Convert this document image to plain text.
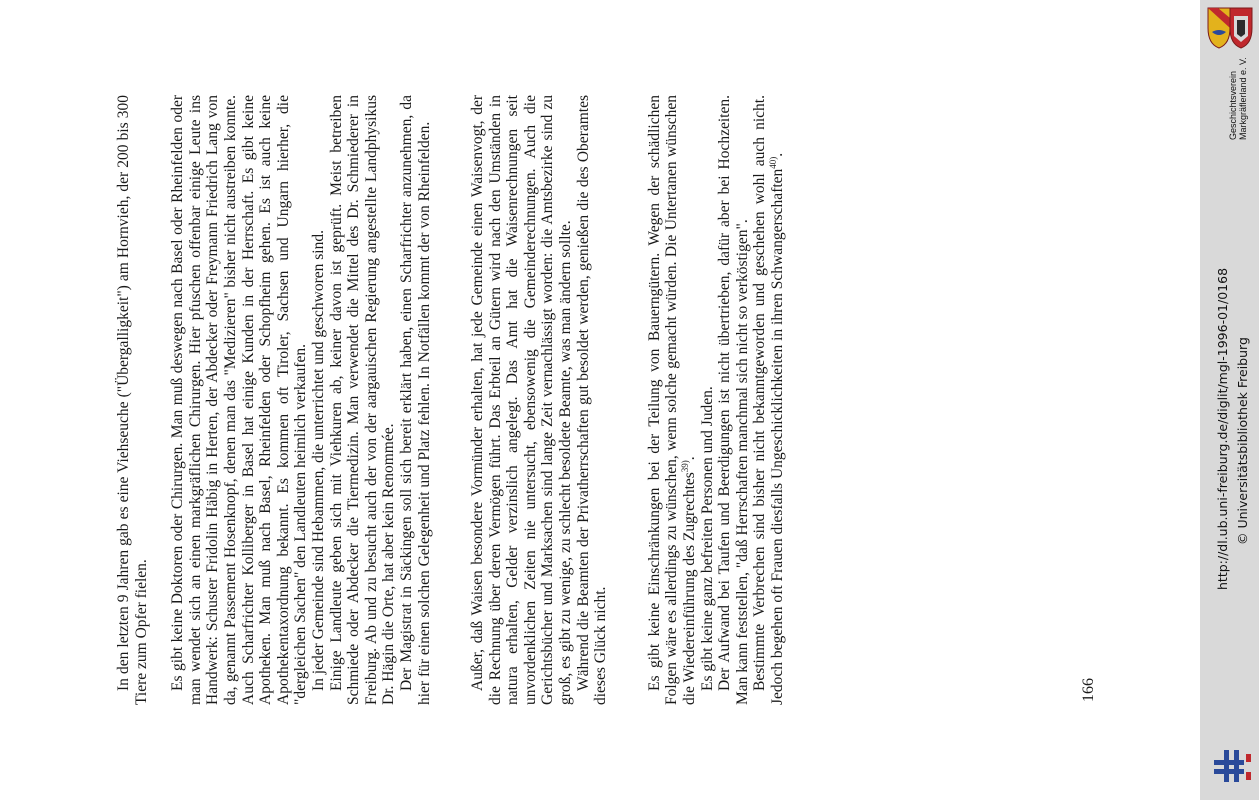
In den letzten 9 Jahren gab es eine Viehseuche ("Übergalligkeit") am Hornvieh, der 200 bis 300 Tiere zum Opfer fielen. Es gibt keine Doktoren oder Chirurgen. Man muß deswegen nach Basel oder Rheinfelden oder man wendet sich an einen markgräflichen Chirurgen. Hier pfuschen offenbar einige Leute ins Handwerk: Schuster Fridolin Häbig in Herten, der Abdecker oder Freymann Friedrich Lang von da, genannt Passement Hosenknopf, denen man das "Medizieren" bisher nicht austreiben konnte. Auch Scharfrichter Kolliberger in Basel hat einige Kunden in der Herrschaft. Es gibt keine Apotheken. Man muß nach Basel, Rheinfelden oder Schopfheim gehen. Es ist auch keine Apothekentaxordnung bekannt. Es kommen oft Tiroler, Sachsen und Ungarn hierher, die "dergleichen Sachen" den Landleuten heimlich verkaufen. In jeder Gemeinde sind Hebammen, die unterrichtet und geschworen sind. Einige Landleute geben sich mit Viehkuren ab, keiner davon ist geprüft. Meist betreiben Schmiede oder Abdecker die Tiermedizin. Man verwendet die Mittel des Dr. Schmiederer in Freiburg. Ab und zu besucht auch der von der aargauischen Regierung angestellte Landphysikus Dr. Hägin die Orte, hat aber kein Renommée. Der Magistrat in Säckingen soll sich bereit erklärt haben, einen Scharfrichter anzunehmen, da hier für einen solchen Gelegenheit und Platz fehlen. In Notfällen kommt der von Rheinfelden. Außer, daß Waisen besondere Vormünder erhalten, hat jede Gemeinde einen Waisenvogt, der die Rechnung über deren Vermögen führt. Das Erbteil an Gütern wird nach den Umständen in natura erhalten, Gelder verzinslich angelegt. Das Amt hat die Waisenrechnungen seit unvordenklichen Zeiten nie untersucht, ebensowenig die Gemeinderechnungen. Auch die Gerichtsbücher und Marksachen sind lange Zeit vernachlässigt worden: die Amtsbezirke sind zu groß, es gibt zu wenige, zu schlecht besoldete Beamte, was man ändern sollte. Während die Beamten der Privatherrschaften gut besoldet werden, genießen die des Oberamtes dieses Glück nicht. Es gibt keine Einschränkungen bei der Teilung von Bauerngütern. Wegen der schädlichen Folgen wäre es allerdings zu wünschen, wenn solche gemacht würden. Die Untertanen wünschen die Wiedereinführung des Zugrechtes$^{39)}$. Es gibt keine ganz befreiten Personen und Juden. Der Aufwand bei Taufen und Beerdigungen ist nicht übertrieben, dafür aber bei Hochzeiten. Man kann feststellen, "daß Herrschaften manchmal sich nicht so verköstigen". Bestimmte Verbrechen sind bisher nicht bekanntgeworden und geschehen wohl auch nicht. Jedoch begehen oft Frauen diesfalls Ungeschicklichkeiten in ihren Schwangerschaften$^{40)}$.

166
http://dl.ub.uni-freiburg.de/diglit/mgl-1996-01/0168 © Universitätsbibliothek Freiburg
Geschichtsverein Markgräflerland e. V.
